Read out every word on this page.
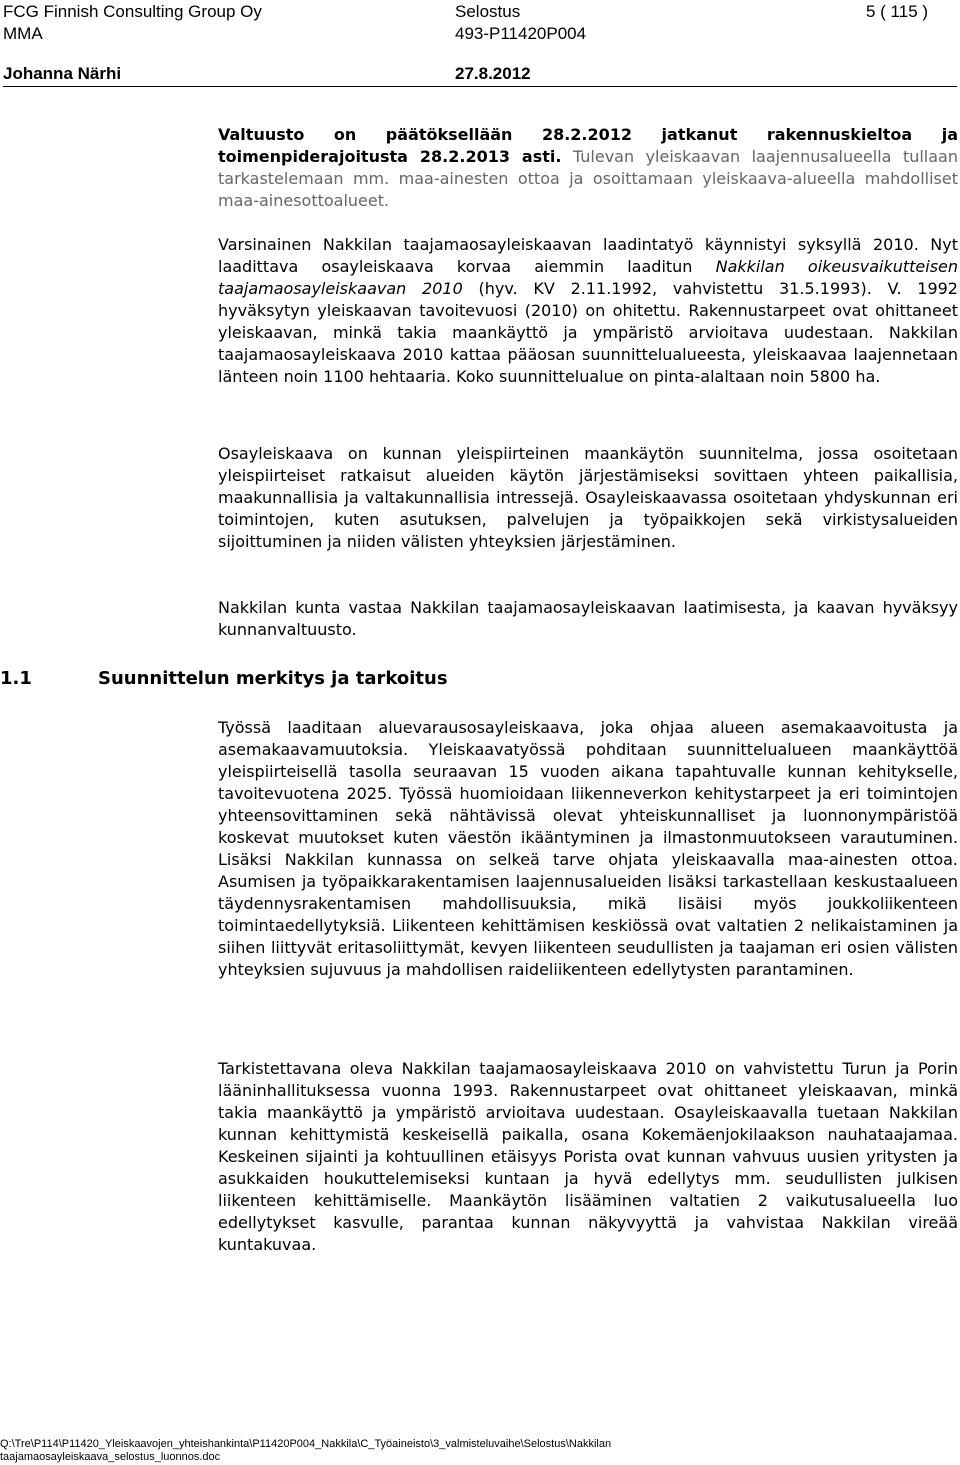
FCG Finnish Consulting Group Oy	Selostus	5 ( 115 )
MMA	493-P11420P004
Johanna Närhi	27.8.2012

Valtuusto on päätöksellään 28.2.2012 jatkanut rakennuskieltoa ja toimenpiderajoitusta 28.2.2013 asti. Tulevan yleiskaavan laajennusalueella tullaan tarkastelemaan mm. maa-ainesten ottoa ja osoittamaan yleiskaava-alueella mahdolliset maa-ainesottoalueet.

Varsinainen Nakkilan taajamaosayleiskaavan laadintatyö käynnistyi syksyllä 2010. Nyt laadittava osayleiskaava korvaa aiemmin laaditun Nakkilan oikeusvaikutteisen taajamaosayleiskaavan 2010 (hyv. KV 2.11.1992, vahvistettu 31.5.1993). V. 1992 hyväksytyn yleiskaavan tavoitevuosi (2010) on ohitettu. Rakennustarpeet ovat ohittaneet yleiskaavan, minkä takia maankäyttö ja ympäristö arvioitava uudestaan. Nakkilan taajamaosayleiskaava 2010 kattaa pääosan suunnittelualueesta, yleiskaavaa laajennetaan länteen noin 1100 hehtaaria. Koko suunnittelualue on pinta-alaltaan noin 5800 ha.

Osayleiskaava on kunnan yleispiirteinen maankäytön suunnitelma, jossa osoitetaan yleispiirteiset ratkaisut alueiden käytön järjestämiseksi sovittaen yhteen paikallisia, maakunnallisia ja valtakunnallisia intressejä. Osayleiskaavassa osoitetaan yhdyskunnan eri toimintojen, kuten asutuksen, palvelujen ja työpaikkojen sekä virkistysalueiden sijoittuminen ja niiden välisten yhteyksien järjestäminen.

Nakkilan kunta vastaa Nakkilan taajamaosayleiskaavan laatimisesta, ja kaavan hyväksyy kunnanvaltuusto.

1.1	Suunnittelun merkitys ja tarkoitus

Työssä laaditaan aluevarausosayleiskaava, joka ohjaa alueen asemakaavoitusta ja asemakaavamuutoksia. Yleiskaavatyössä pohditaan suunnittelualueen maankäyttöä yleispiirteisellä tasolla seuraavan 15 vuoden aikana tapahtuvalle kunnan kehitykselle, tavoitevuotena 2025. Työssä huomioidaan liikenneverkon kehitystarpeet ja eri toimintojen yhteensovittaminen sekä nähtävissä olevat yhteiskunnalliset ja luonnonympäristöä koskevat muutokset kuten väestön ikääntyminen ja ilmastonmuutokseen varautuminen. Lisäksi Nakkilan kunnassa on selkeä tarve ohjata yleiskaavalla maa-ainesten ottoa. Asumisen ja työpaikkarakentamisen laajennusalueiden lisäksi tarkastellaan keskustaalueen täydennysrakentamisen mahdollisuuksia, mikä lisäisi myös joukkoliikenteen toimintaedellytyksiä. Liikenteen kehittämisen keskiössä ovat valtatien 2 nelikaistaminen ja siihen liittyvät eritasoliittymät, kevyen liikenteen seudullisten ja taajaman eri osien välisten yhteyksien sujuvuus ja mahdollisen raideliikenteen edellytysten parantaminen.

Tarkistettavana oleva Nakkilan taajamaosayleiskaava 2010 on vahvistettu Turun ja Porin lääninhallituksessa vuonna 1993. Rakennustarpeet ovat ohittaneet yleiskaavan, minkä takia maankäyttö ja ympäristö arvioitava uudestaan. Osayleiskaavalla tuetaan Nakkilan kunnan kehittymistä keskeisellä paikalla, osana Kokemäenjokilaakson nauhataajamaa. Keskeinen sijainti ja kohtuullinen etäisyys Porista ovat kunnan vahvuus uusien yritysten ja asukkaiden houkuttelemiseksi kuntaan ja hyvä edellytys mm. seudullisten julkisen liikenteen kehittämiselle. Maankäytön lisääminen valtatien 2 vaikutusalueella luo edellytykset kasvulle, parantaa kunnan näkyvyyttä ja vahvistaa Nakkilan vireää kuntakuvaa.

Q:\Tre\P114\P11420_Yleiskaavojen_yhteishankinta\P11420P004_Nakkila\C_Työaineisto\3_valmisteluvaihe\Selostus\Nakkilan
taajamaosayleiskaava_selostus_luonnos.doc
